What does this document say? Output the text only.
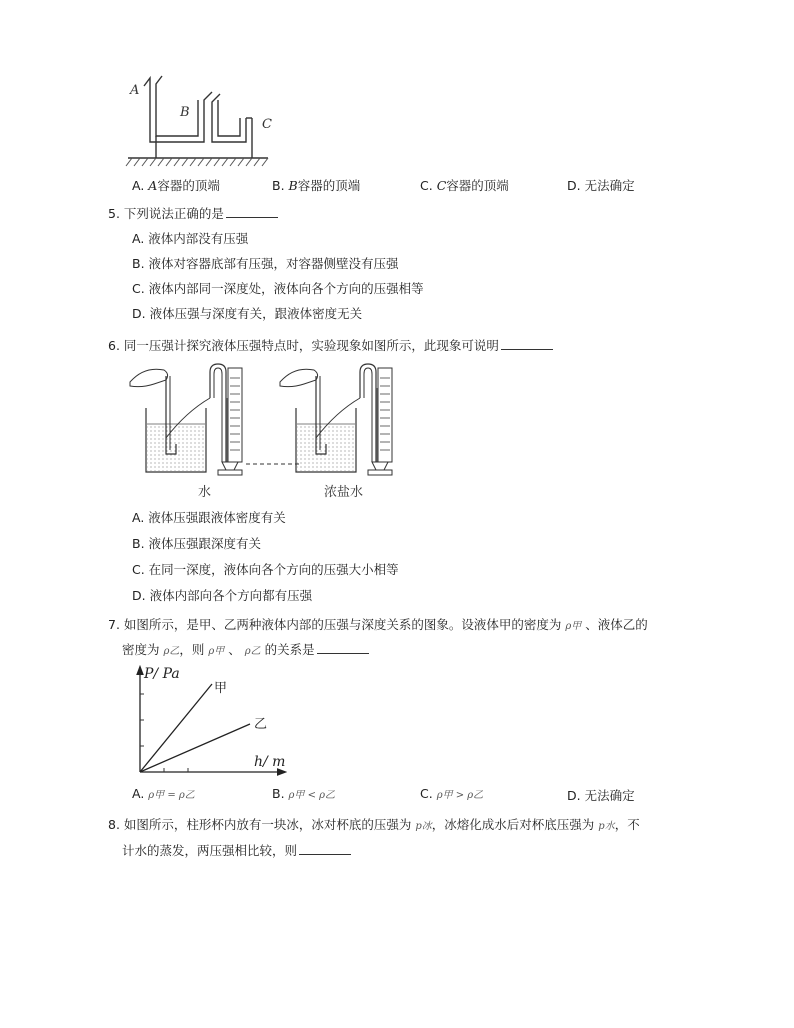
A
B
C
A. A容器的顶端	B. B容器的顶端	C. C容器的顶端	D. 无法确定
5. 下列说法正确的是
A. 液体内部没有压强
B. 液体对容器底部有压强，对容器侧壁没有压强
C. 液体内部同一深度处，液体向各个方向的压强相等
D. 液体压强与深度有关，跟液体密度无关
6. 同一压强计探究液体压强特点时，实验现象如图所示，此现象可说明
水	浓盐水
A. 液体压强跟液体密度有关
B. 液体压强跟深度有关
C. 在同一深度，液体向各个方向的压强大小相等
D. 液体内部向各个方向都有压强
7. 如图所示，是甲、乙两种液体内部的压强与深度关系的图象。设液体甲的密度为 ρ甲 、液体乙的
密度为 ρ乙，则 ρ甲 、 ρ乙 的关系是
P/ Pa
h/ m
甲
乙
A. ρ甲 = ρ乙	B. ρ甲 < ρ乙	C. ρ甲 > ρ乙	D. 无法确定
8. 如图所示，柱形杯内放有一块冰，冰对杯底的压强为 p冰，冰熔化成水后对杯底压强为 p水，不
计水的蒸发，两压强相比较，则
